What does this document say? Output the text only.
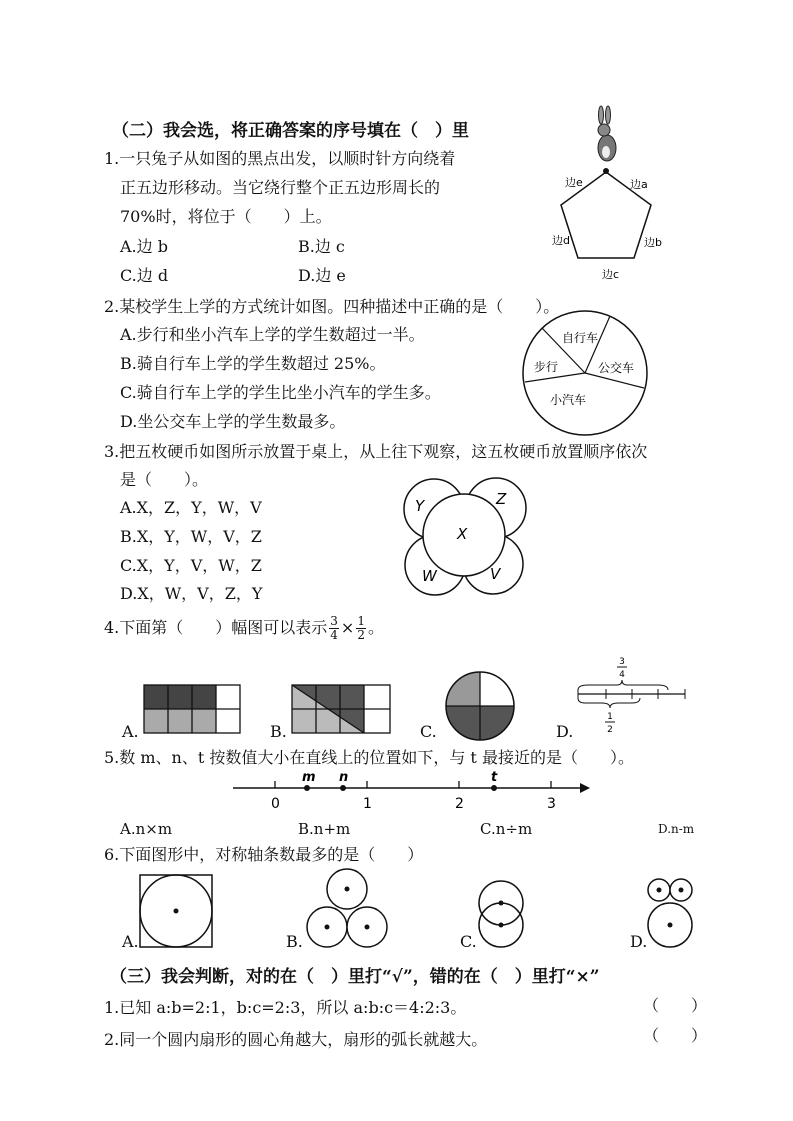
（二）我会选，将正确答案的序号填在（　）里
1.一只兔子从如图的黑点出发，以顺时针方向绕着
正五边形移动。当它绕行整个正五边形周长的
70%时，将位于（　　）上。
A.边 b	B.边 c
C.边 d	D.边 e
边e	边a
边b
边c
边d
2.某校学生上学的方式统计如图。四种描述中正确的是（　　）。
A.步行和坐小汽车上学的学生数超过一半。
B.骑自行车上学的学生数超过 25%。
C.骑自行车上学的学生比坐小汽车的学生多。
D.坐公交车上学的学生数最多。
自行车
公交车
小汽车
步行
3.把五枚硬币如图所示放置于桌上，从上往下观察，这五枚硬币放置顺序依次
是（　　）。
A.X，Z，Y，W，V
B.X，Y，W，V，Z
C.X，Y，V，W，Z
D.X，W，V，Z，Y
Y	Z
X
W	V
4.下面第（　　）幅图可以表示 $\frac{3}{4} \times \frac{1}{2}$ 。
A.	B.	C.	D.
3
4
1
2
5.数 m、n、t 按数值大小在直线上的位置如下，与 t 最接近的是（　　）。
m n	t
0	1	2	3
A.n×m	B.n+m	C.n÷m	D.n-m
6.下面图形中，对称轴条数最多的是（　　）
A.	B.	C.	D.
（三）我会判断，对的在（　）里打“√”，错的在（　）里打“×”
1.已知 a:b=2:1，b:c=2:3，所以 a:b:c＝4:2:3。	（　　）
2.同一个圆内扇形的圆心角越大，扇形的弧长就越大。	（　　）
